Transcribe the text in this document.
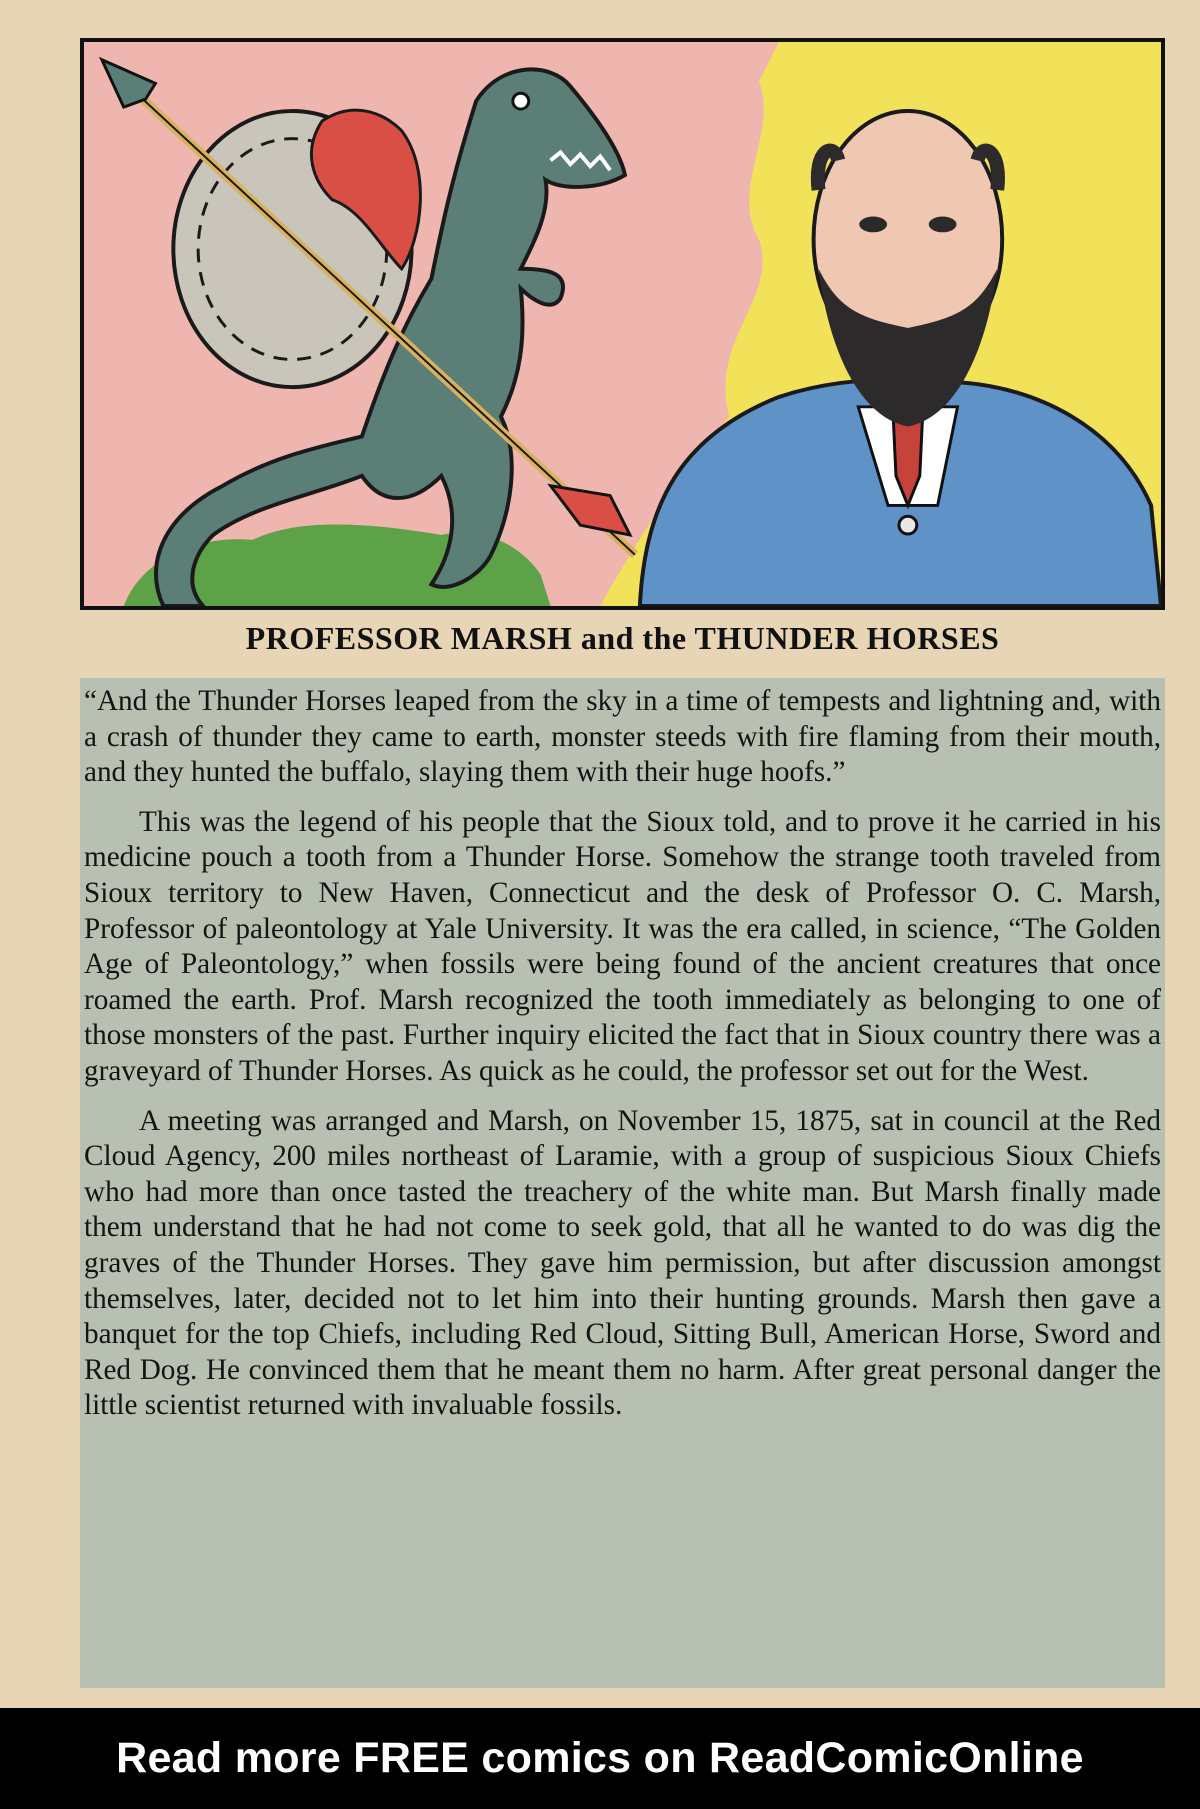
PROFESSOR MARSH and the THUNDER HORSES

“And the Thunder Horses leaped from the sky in a time of tempests and lightning and, with a crash of thunder they came to earth, monster steeds with fire flaming from their mouth, and they hunted the buffalo, slaying them with their huge hoofs.”

This was the legend of his people that the Sioux told, and to prove it he carried in his medicine pouch a tooth from a Thunder Horse. Somehow the strange tooth traveled from Sioux territory to New Haven, Connecticut and the desk of Professor O. C. Marsh, Professor of paleontology at Yale University. It was the era called, in science, “The Golden Age of Paleontology,” when fossils were being found of the ancient creatures that once roamed the earth. Prof. Marsh recognized the tooth immediately as belonging to one of those monsters of the past. Further inquiry elicited the fact that in Sioux country there was a graveyard of Thunder Horses. As quick as he could, the professor set out for the West.

A meeting was arranged and Marsh, on November 15, 1875, sat in council at the Red Cloud Agency, 200 miles northeast of Laramie, with a group of suspicious Sioux Chiefs who had more than once tasted the treachery of the white man. But Marsh finally made them understand that he had not come to seek gold, that all he wanted to do was dig the graves of the Thunder Horses. They gave him permission, but after discussion amongst themselves, later, decided not to let him into their hunting grounds. Marsh then gave a banquet for the top Chiefs, including Red Cloud, Sitting Bull, American Horse, Sword and Red Dog. He convinced them that he meant them no harm. After great personal danger the little scientist returned with invaluable fossils.

Read more FREE comics on ReadComicOnline
